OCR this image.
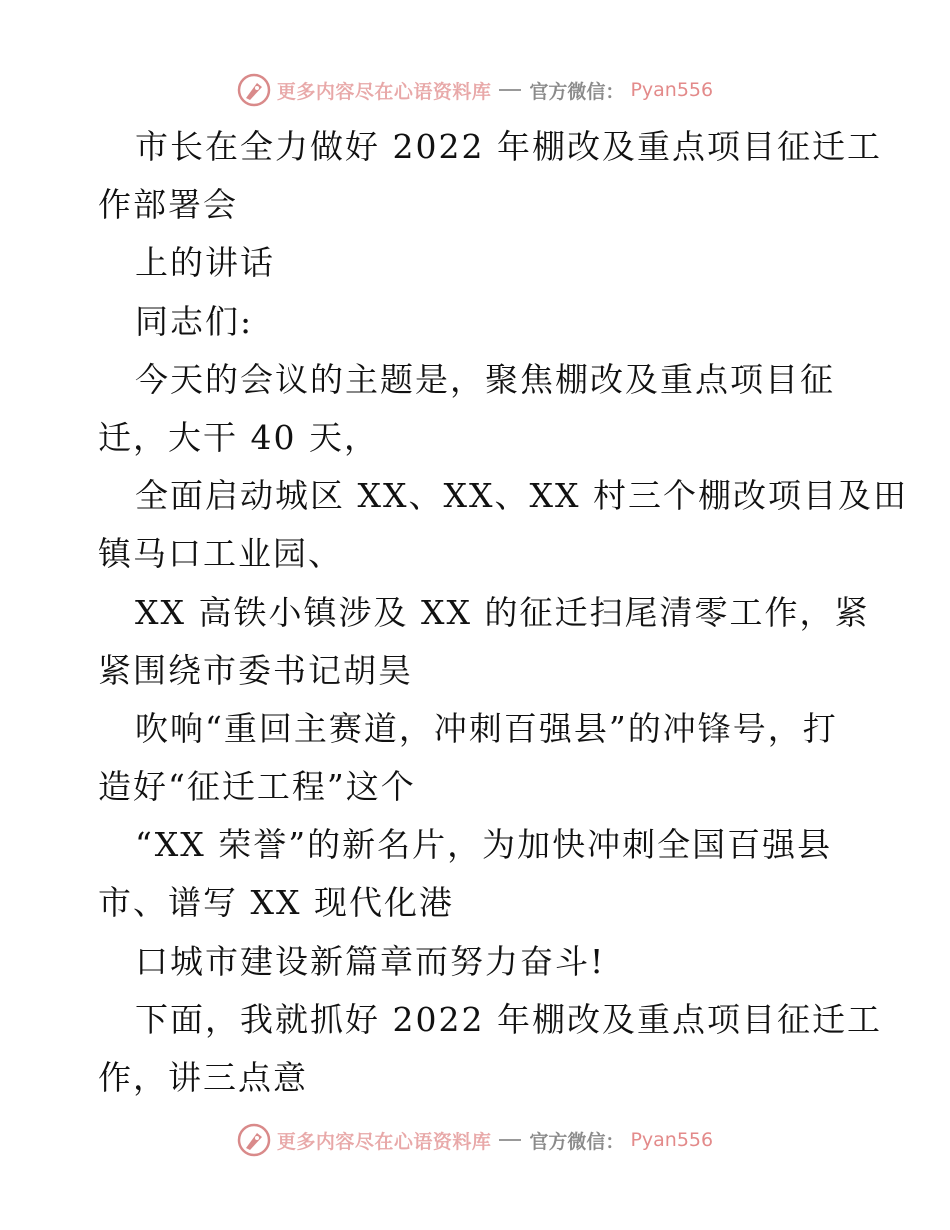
更多内容尽在心语资料库 官方微信： Pyan556
市长在全力做好 2022 年棚改及重点项目征迁工
作部署会
上的讲话
同志们:
今天的会议的主题是，聚焦棚改及重点项目征
迁，大干 40 天，
全面启动城区 XX、XX、XX 村三个棚改项目及田
镇马口工业园、
XX 高铁小镇涉及 XX 的征迁扫尾清零工作，紧
紧围绕市委书记胡昊
吹响“重回主赛道，冲刺百强县”的冲锋号，打
造好“征迁工程”这个
“XX 荣誉”的新名片，为加快冲刺全国百强县
市、谱写 XX 现代化港
口城市建设新篇章而努力奋斗!
下面，我就抓好 2022 年棚改及重点项目征迁工
作，讲三点意
更多内容尽在心语资料库 官方微信： Pyan556
